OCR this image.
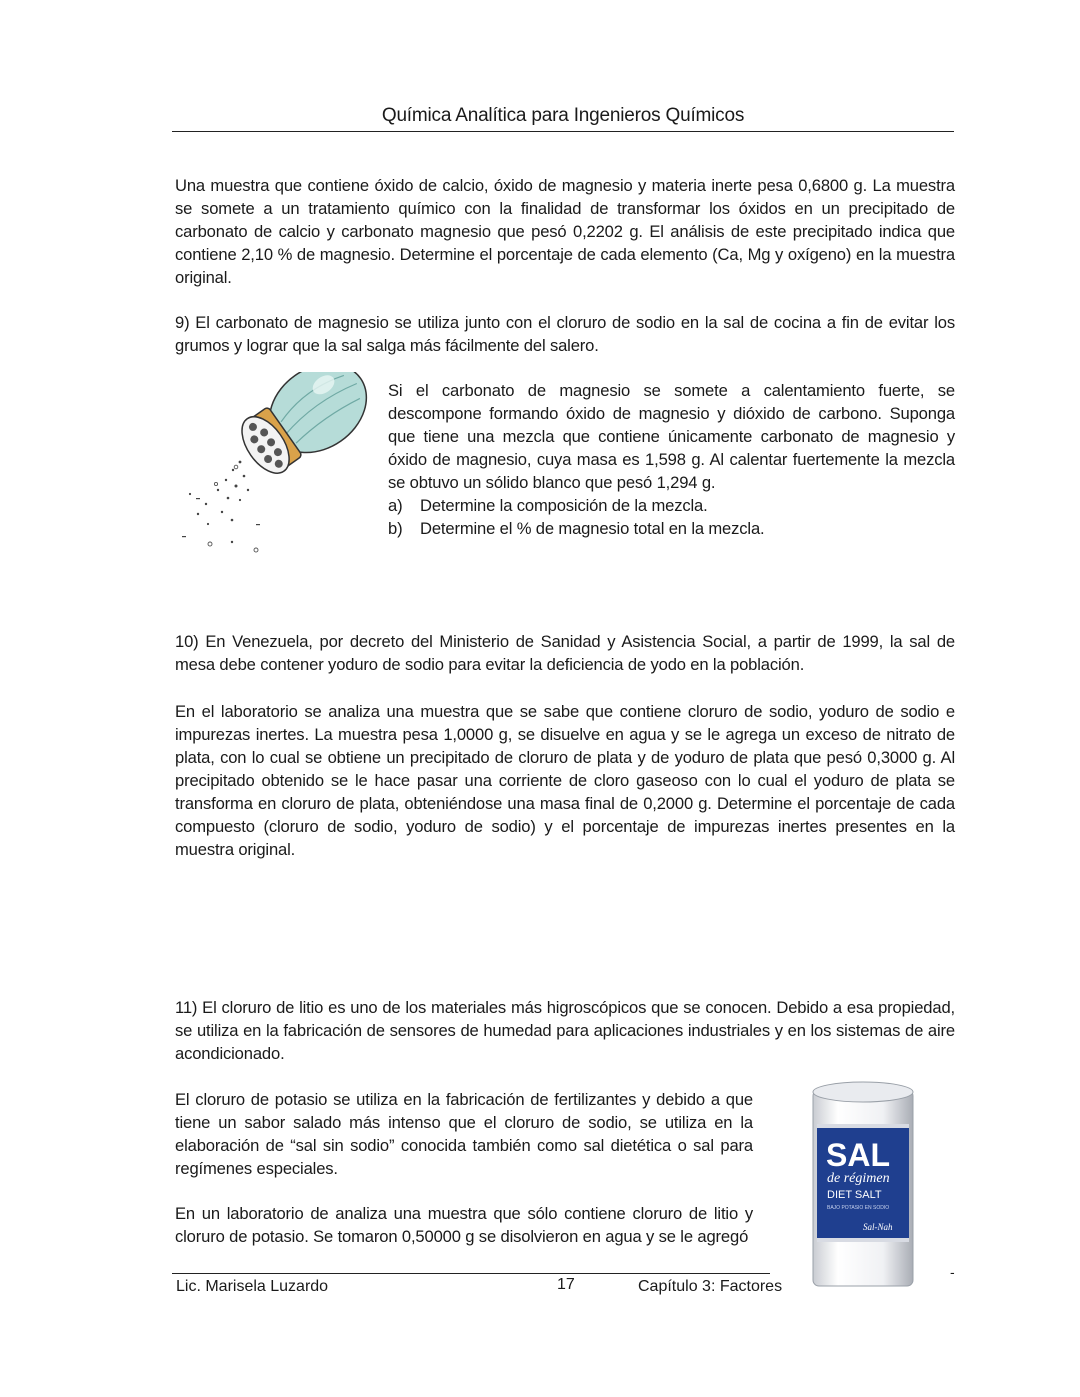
Química Analítica para Ingenieros Químicos

Una muestra que contiene óxido de calcio, óxido de magnesio y materia inerte pesa 0,6800 g. La muestra se somete a un tratamiento químico con la finalidad de transformar los óxidos en un precipitado de carbonato de calcio y carbonato magnesio que pesó 0,2202 g. El análisis de este precipitado indica que contiene 2,10 % de magnesio. Determine el porcentaje de cada elemento (Ca, Mg y oxígeno) en la muestra original.

9) El carbonato de magnesio se utiliza junto con el cloruro de sodio en la sal de cocina a fin de evitar los grumos y lograr que la sal salga más fácilmente del salero.

Si el carbonato de magnesio se somete a calentamiento fuerte, se descompone formando óxido de magnesio y dióxido de carbono. Suponga que tiene una mezcla que contiene únicamente carbonato de magnesio y óxido de magnesio, cuya masa es 1,598 g. Al calentar fuertemente la mezcla se obtuvo un sólido blanco que pesó 1,294 g.
a) Determine la composición de la mezcla.
b) Determine el % de magnesio total en la mezcla.

10) En Venezuela, por decreto del Ministerio de Sanidad y Asistencia Social, a partir de 1999, la sal de mesa debe contener yoduro de sodio para evitar la deficiencia de yodo en la población.

En el laboratorio se analiza una muestra que se sabe que contiene cloruro de sodio, yoduro de sodio e impurezas inertes. La muestra pesa 1,0000 g, se disuelve en agua y se le agrega un exceso de nitrato de plata, con lo cual se obtiene un precipitado de cloruro de plata y de yoduro de plata que pesó 0,3000 g. Al precipitado obtenido se le hace pasar una corriente de cloro gaseoso con lo cual el yoduro de plata se transforma en cloruro de plata, obteniéndose una masa final de 0,2000 g. Determine el porcentaje de cada compuesto (cloruro de sodio, yoduro de sodio) y el porcentaje de impurezas inertes presentes en la muestra original.

11) El cloruro de litio es uno de los materiales más higroscópicos que se conocen. Debido a esa propiedad, se utiliza en la fabricación de sensores de humedad para aplicaciones industriales y en los sistemas de aire acondicionado.

El cloruro de potasio se utiliza en la fabricación de fertilizantes y debido a que tiene un sabor salado más intenso que el cloruro de sodio, se utiliza en la elaboración de “sal sin sodio” conocida también como sal dietética o sal para regímenes especiales.

En un laboratorio de analiza una muestra que sólo contiene cloruro de litio y cloruro de potasio. Se tomaron 0,50000 g se disolvieron en agua y se le agregó

SAL
de régimen
DIET SALT
BAJO POTASIO EN SODIO
Sal-Nah
Lic. Marisela Luzardo	17	Capítulo 3: Factores
-
